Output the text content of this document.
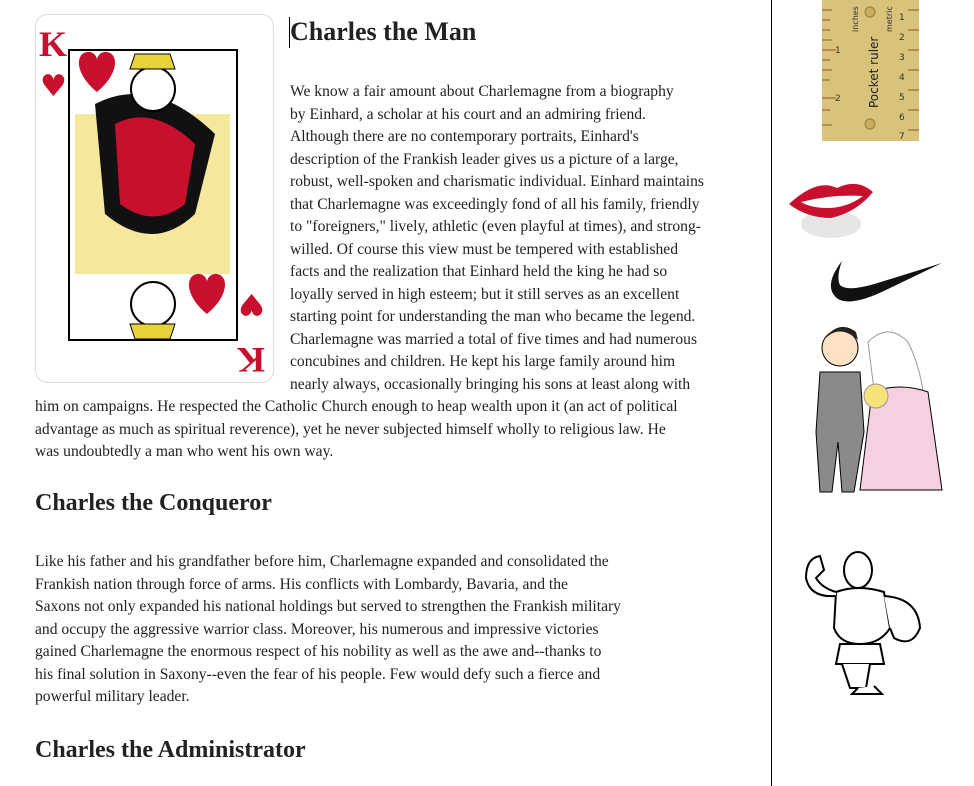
Charles the Man
Charles the Conqueror
Charles the Administrator
We know a fair amount about Charlemagne from a biography
by Einhard, a scholar at his court and an admiring friend.
Although there are no contemporary portraits, Einhard's
description of the Frankish leader gives us a picture of a large,
robust, well-spoken and charismatic individual. Einhard maintains
that Charlemagne was exceedingly fond of all his family, friendly
to "foreigners," lively, athletic (even playful at times), and strong-
willed. Of course this view must be tempered with established
facts and the realization that Einhard held the king he had so
loyally served in high esteem; but it still serves as an excellent
starting point for understanding the man who became the legend.
Charlemagne was married a total of five times and had numerous
concubines and children. He kept his large family around him
nearly always, occasionally bringing his sons at least along with
him on campaigns. He respected the Catholic Church enough to heap wealth upon it (an act of political
advantage as much as spiritual reverence), yet he never subjected himself wholly to religious law. He
was undoubtedly a man who went his own way.
Like his father and his grandfather before him, Charlemagne expanded and consolidated the
Frankish nation through force of arms. His conflicts with Lombardy, Bavaria, and the
Saxons not only expanded his national holdings but served to strengthen the Frankish military
and occupy the aggressive warrior class. Moreover, his numerous and impressive victories
gained Charlemagne the enormous respect of his nobility as well as the awe and--thanks to
his final solution in Saxony--even the fear of his people. Few would defy such a fierce and
powerful military leader.
K
♥
♥
K
1
2
inches	metric
Pocket ruler
1
2
3
4
5
6
7
